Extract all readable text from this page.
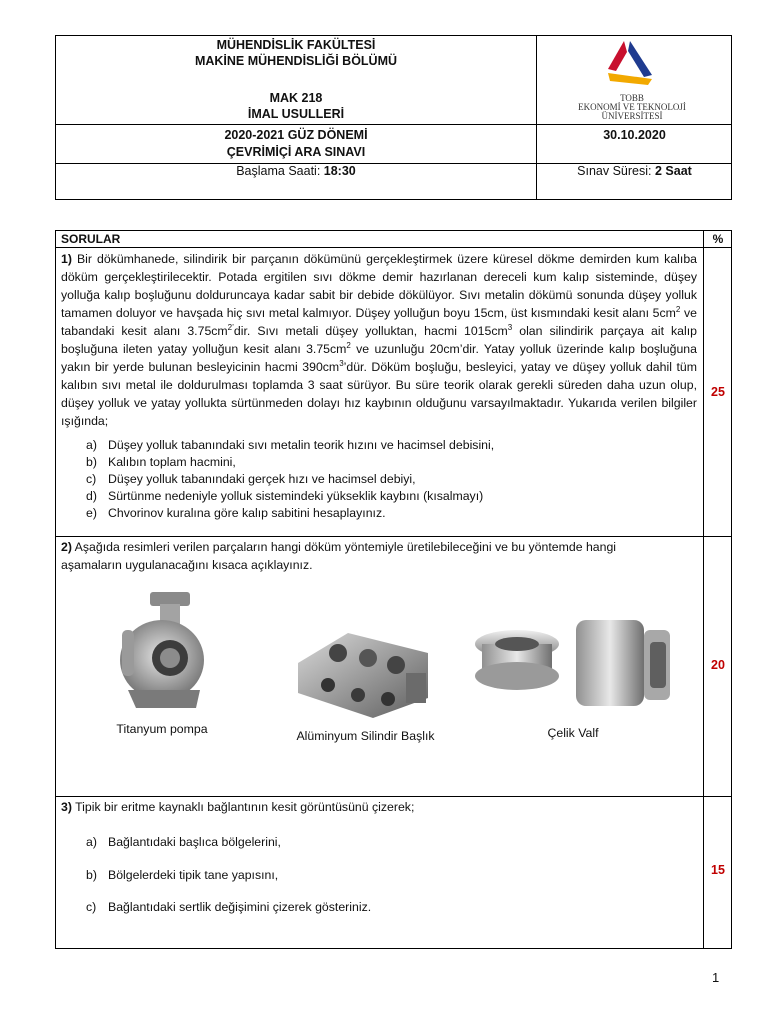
MÜHENDİSLİK FAKÜLTESİ
MAKİNE MÜHENDİSLİĞİ BÖLÜMÜ
MAK 218
İMAL USULLERİ
TOBB
EKONOMİ VE TEKNOLOJİ
ÜNİVERSİTESİ
2020-2021 GÜZ DÖNEMİ
ÇEVRİMİÇİ ARA SINAVI
30.10.2020
Başlama Saati: 18:30	Sınav Süresi: 2 Saat
SORULAR	%
1) Bir dökümhanede, silindirik bir parçanın dökümünü gerçekleştirmek üzere küresel dökme demirden kum kalıba döküm gerçekleştirilecektir. Potada ergitilen sıvı dökme demir hazırlanan dereceli kum kalıp sisteminde, düşey yolluğa kalıp boşluğunu dolduruncaya kadar sabit bir debide dökülüyor. Sıvı metalin dökümü sonunda düşey yolluk tamamen doluyor ve havşada hiç sıvı metal kalmıyor. Düşey yolluğun boyu 15cm, üst kısmındaki kesit alanı $5cm^2$ ve tabandaki kesit alanı $3.75cm^{2’}dir$. Sıvı metali düşey yolluktan, hacmi $1015cm^3$ olan silindirik parçaya ait kalıp boşluğuna ileten yatay yolluğun kesit alanı $3.75cm^2$ ve uzunluğu 20cm’dir. Yatay yolluk üzerinde kalıp boşluğuna yakın bir yerde bulunan besleyicinin hacmi $390cm^3’dür$. Döküm boşluğu, besleyici, yatay ve düşey yolluk dahil tüm kalıbın sıvı metal ile doldurulması toplamda 3 saat sürüyor. Bu süre teorik olarak gerekli süreden daha uzun olup, düşey yolluk ve yatay yollukta sürtünmeden dolayı hız kaybının olduğunu varsayılmaktadır. Yukarıda verilen bilgiler ışığında;
a) Düşey yolluk tabanındaki sıvı metalin teorik hızını ve hacimsel debisini,
b) Kalıbın toplam hacmini,
c) Düşey yolluk tabanındaki gerçek hızı ve hacimsel debiyi,
d) Sürtünme nedeniyle yolluk sistemindeki yükseklik kaybını (kısalmayı)
e) Chvorinov kuralına göre kalıp sabitini hesaplayınız.
25
2) Aşağıda resimleri verilen parçaların hangi döküm yöntemiyle üretilebileceğini ve bu yöntemde hangi aşamaların uygulanacağını kısaca açıklayınız.
Titanyum pompa	Alüminyum Silindir Başlık	Çelik Valf
20
3) Tipik bir eritme kaynaklı bağlantının kesit görüntüsünü çizerek;
a) Bağlantıdaki başlıca bölgelerini,
b) Bölgelerdeki tipik tane yapısını,
c) Bağlantıdaki sertlik değişimini çizerek gösteriniz.
15
1
